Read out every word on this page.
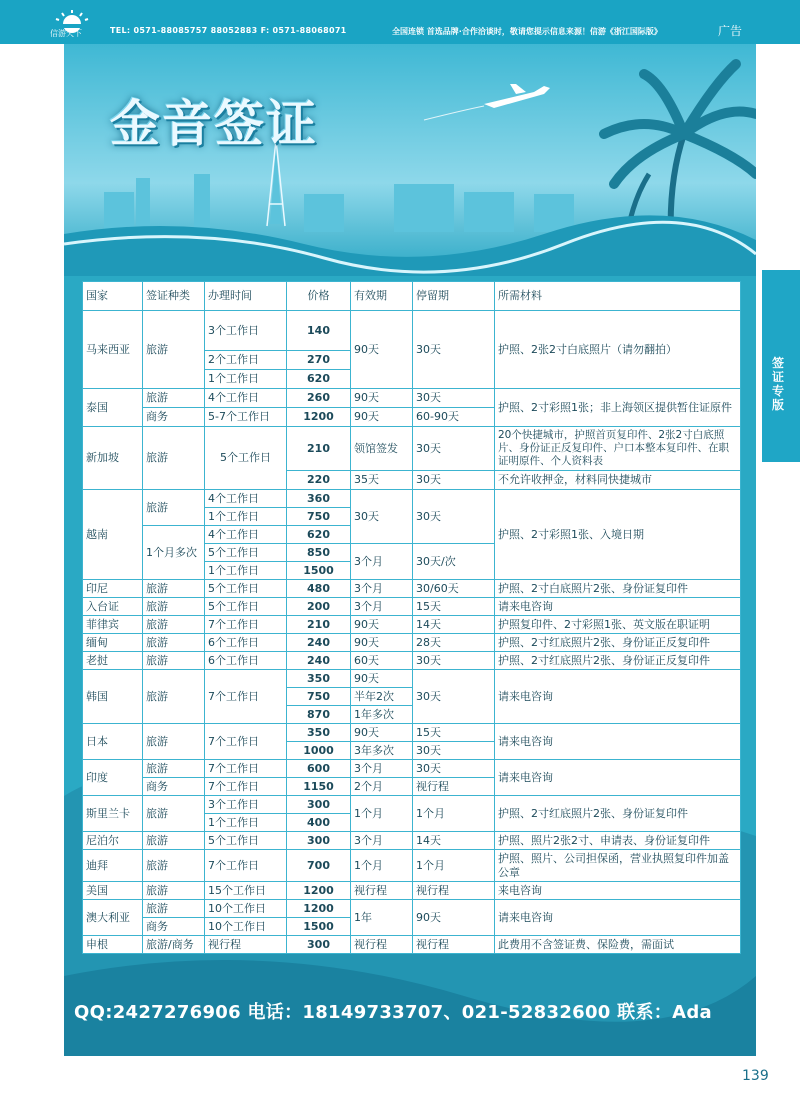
信游天下	TEL: 0571-88085757 88052883 F: 0571-88068071	全国连锁 首选品牌·合作洽谈时，敬请您提示信息来源！信游《浙江国际版》	广告
签证专版
金音签证
国家	签证种类	办理时间	价格	有效期	停留期	所需材料
马来西亚	旅游	3个工作日	140	90天	30天	护照、2张2寸白底照片（请勿翻拍）
		2个工作日	270			
		1个工作日	620			
泰国	旅游	4个工作日	260	90天	30天	护照、2寸彩照1张；非上海领区提供暂住证原件
	商务	5-7个工作日	1200	90天	60-90天	
新加坡	旅游	5个工作日	210	领馆签发	30天	20个快捷城市，护照首页复印件、2张2寸白底照片、身份证正反复印件、户口本整本复印件、在职证明原件、个人资料表
			220	35天	30天	不允许收押金，材料同快捷城市
越南	旅游	4个工作日	360	30天	30天	护照、2寸彩照1张、入境日期
		1个工作日	750			
	1个月多次	4个工作日	620			
		5个工作日	850	3个月	30天/次	
		1个工作日	1500			
印尼	旅游	5个工作日	480	3个月	30/60天	护照、2寸白底照片2张、身份证复印件
入台证	旅游	5个工作日	200	3个月	15天	请来电咨询
菲律宾	旅游	7个工作日	210	90天	14天	护照复印件、2寸彩照1张、英文版在职证明
缅甸	旅游	6个工作日	240	90天	28天	护照、2寸红底照片2张、身份证正反复印件
老挝	旅游	6个工作日	240	60天	30天	护照、2寸红底照片2张、身份证正反复印件
韩国	旅游	7个工作日	350	90天	30天	请来电咨询
			750	半年2次		
			870	1年多次		
日本	旅游	7个工作日	350	90天	15天	请来电咨询
			1000	3年多次	30天	
印度	旅游	7个工作日	600	3个月	30天	请来电咨询
	商务	7个工作日	1150	2个月	视行程	
斯里兰卡	旅游	3个工作日	300	1个月	1个月	护照、2寸红底照片2张、身份证复印件
		1个工作日	400			
尼泊尔	旅游	5个工作日	300	3个月	14天	护照、照片2张2寸、申请表、身份证复印件
迪拜	旅游	7个工作日	700	1个月	1个月	护照、照片、公司担保函，营业执照复印件加盖公章
美国	旅游	15个工作日	1200	视行程	视行程	来电咨询
澳大利亚	旅游	10个工作日	1200	1年	90天	请来电咨询
	商务	10个工作日	1500			
申根	旅游/商务	视行程	300	视行程	视行程	此费用不含签证费、保险费，需面试
QQ:2427276906 电话：18149733707、021-52832600 联系：Ada
浙江 国际版 全国电子版 · 旅游大辞典 www.zyoo.net	139
